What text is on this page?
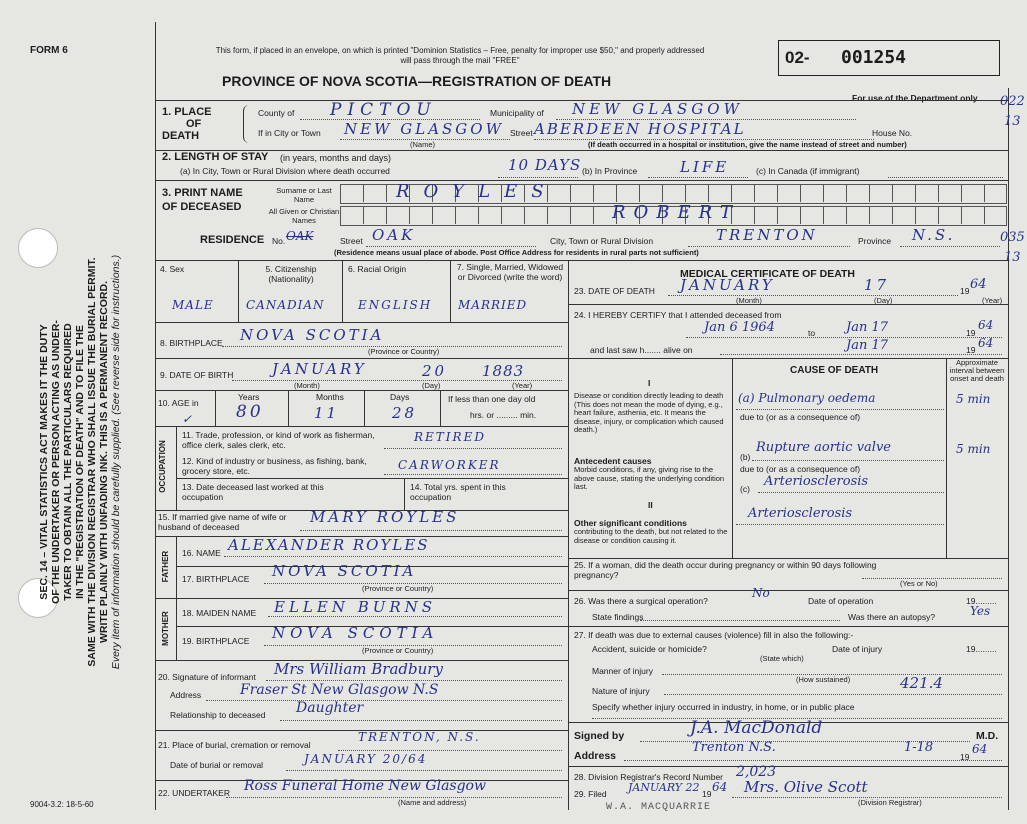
FORM 6
9004-3.2: 18-5-60
SEC. 14 – VITAL STATISTICS ACT MAKES IT THE DUTY OF THE UNDERTAKER OR PERSON ACTING AS UNDER- TAKER TO OBTAIN ALL THE PARTICULARS REQUIRED IN THE "REGISTRATION OF DEATH" AND TO FILE THE SAME WITH THE DIVISION REGISTRAR WHO SHALL ISSUE THE BURIAL PERMIT. WRITE PLAINLY WITH UNFADING INK. THIS IS A PERMANENT RECORD. Every item of information should be carefully supplied. (See reverse side for instructions.)
This form, if placed in an envelope, on which is printed "Dominion Statistics – Free, penalty for improper use $50," and properly addressed will pass through the mail "FREE"
PROVINCE OF NOVA SCOTIA—REGISTRATION OF DEATH
02- 001254
For use of the Department only 022
13
035
13
1. PLACE
OF
DEATH
County of PICTOU	Municipality of NEW GLASGOW
If in City or Town NEW GLASGOW Street ABERDEEN HOSPITAL	House No.
(Name)	(If death occurred in a hospital or institution, give the name instead of street and number)
2. LENGTH OF STAY (in years, months and days)
(a) In City, Town or Rural Division where death occurred	10 DAYS (b) In Province	LIFE	(c) In Canada (if immigrant)
3. PRINT NAME
OF DECEASED
Surname or Last Name
All Given or Christian Names
ROYLES
ROBERT
RESIDENCE No. OAK	Street OAK	City, Town or Rural Division	TRENTON	Province N.S.
(Residence means usual place of abode. Post Office Address for residents in rural parts not sufficient)
4. Sex	5. Citizenship (Nationality)
6. Racial Origin	7. Single, Married, Widowed or Divorced (write the word)
MALE	CANADIAN	ENGLISH MARRIED
8. BIRTHPLACE NOVA SCOTIA
(Province or Country)
9. DATE OF BIRTH	JANUARY	20 1883
(Month)	(Day)	(Year)
10. AGE in
✓
Years	Months	Days
80	11	28
If less than one day old
hrs. or ......... min.
OCCUPATION
11. Trade, profession, or kind of work as fisherman, office clerk, sales clerk, etc.
RETIRED
12. Kind of industry or business, as fishing, bank, grocery store, etc.	CARWORKER
13. Date deceased last worked at this occupation
14. Total yrs. spent in this occupation
15. If married give name of wife or husband of deceased
MARY ROYLES
FATHER 16. NAME ALEXANDER ROYLES
17. BIRTHPLACE NOVA SCOTIA
(Province or Country)
MOTHER 18. MAIDEN NAME ELLEN BURNS
19. BIRTHPLACE NOVA SCOTIA
(Province or Country)
20. Signature of informant Mrs William Bradbury
Address	Fraser St New Glasgow N.S
Relationship to deceased Daughter
21. Place of burial, cremation or removal
TRENTON, N.S.
Date of burial or removal	JANUARY 20/64
22. UNDERTAKER Ross Funeral Home New Glasgow
(Name and address)
MEDICAL CERTIFICATE OF DEATH
23. DATE OF DEATH JANUARY	17	19 64
(Month)	(Day)	(Year)
24. I HEREBY CERTIFY that I attended deceased from
Jan 6 1964	to Jan 17	19
64
and last saw h....... alive on	Jan 17	19 64
CAUSE OF DEATH
Approximate interval between onset and death
I
Disease or condition directly leading to death (This does not mean the mode of dying, e.g., heart failure, asthenia, etc. It means the disease, injury, or complication which caused death.)
(a) Pulmonary oedema	5 min
due to (or as a consequence of)
Antecedent causes
Morbid conditions, if any, giving rise to the above cause, stating the underlying condition last.
(b)
Rupture aortic valve	5 min
due to (or as a consequence of)
(c) Arteriosclerosis
II
Other significant conditions
contributing to the death, but not related to the disease or condition causing it.
Arteriosclerosis
25. If a woman, did the death occur during pregnancy or within 90 days following pregnancy?
(Yes or No)
26. Was there a surgical operation?
No
Date of operation	19.........
State findings	Was there an autopsy?	Yes
27. If death was due to external causes (violence) fill in also the following:-
Accident, suicide or homicide?	Date of injury	19.........
(State which)
Manner of injury
(How sustained)
Nature of injury	421.4
Specify whether injury occurred in industry, in home, or in public place
Signed by	J.A. MacDonald	M.D.
Address
Trenton N.S.	1-18
19
64
28. Division Registrar's Record Number 2,023
29. Filed JANUARY 22 19 64 Mrs. Olive Scott
(Division Registrar)
W.A. MACQUARRIE
